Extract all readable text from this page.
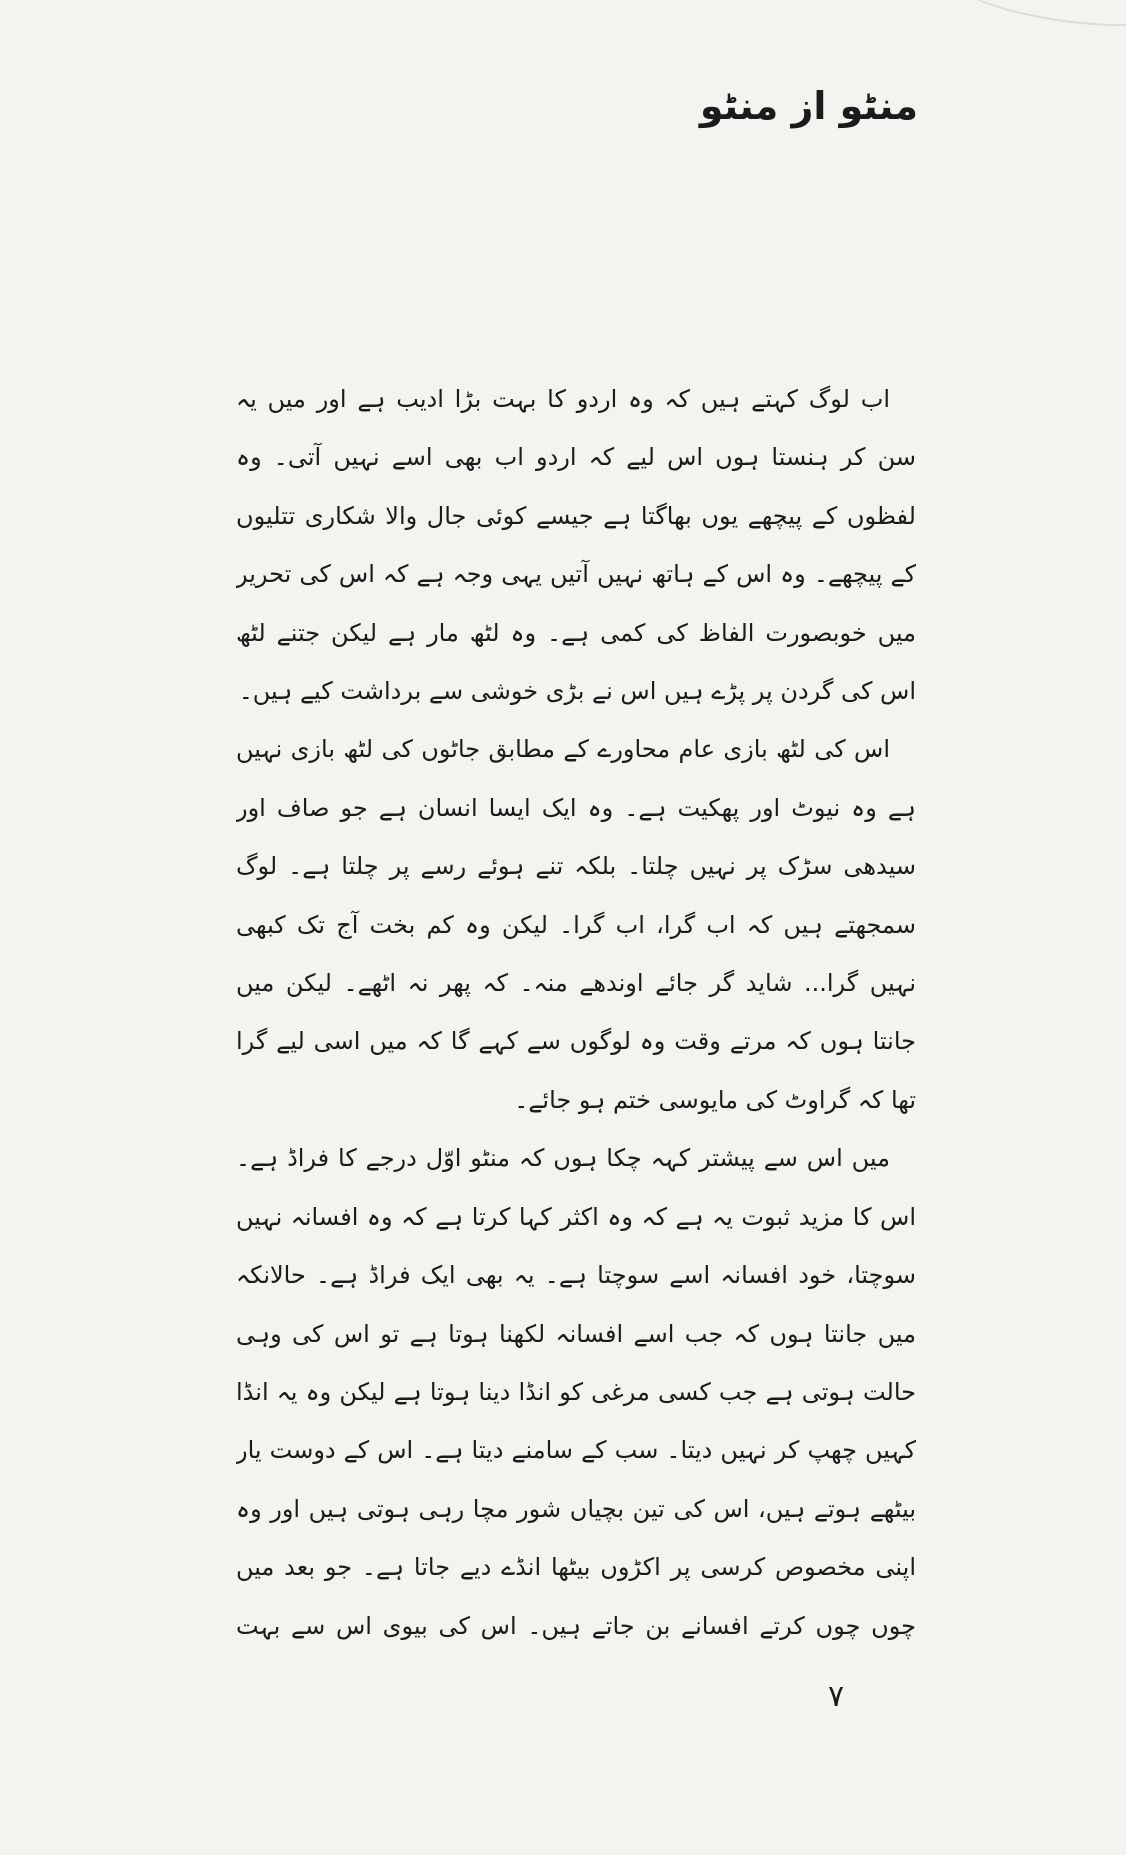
منٹو از منٹو

اب لوگ کہتے ہیں کہ وہ اردو کا بہت بڑا ادیب ہے اور میں یہ سن کر ہنستا ہوں اس لیے کہ اردو اب بھی اسے نہیں آتی۔ وہ لفظوں کے پیچھے یوں بھاگتا ہے جیسے کوئی جال والا شکاری تتلیوں کے پیچھے۔ وہ اس کے ہاتھ نہیں آتیں یہی وجہ ہے کہ اس کی تحریر میں خوبصورت الفاظ کی کمی ہے۔ وہ لٹھ مار ہے لیکن جتنے لٹھ اس کی گردن پر پڑے ہیں اس نے بڑی خوشی سے برداشت کیے ہیں۔

اس کی لٹھ بازی عام محاورے کے مطابق جاٹوں کی لٹھ بازی نہیں ہے وہ نیوٹ اور پھکیت ہے۔ وہ ایک ایسا انسان ہے جو صاف اور سیدھی سڑک پر نہیں چلتا۔ بلکہ تنے ہوئے رسے پر چلتا ہے۔ لوگ سمجھتے ہیں کہ اب گرا، اب گرا۔ لیکن وہ کم بخت آج تک کبھی نہیں گرا... شاید گر جائے اوندھے منہ۔ کہ پھر نہ اٹھے۔ لیکن میں جانتا ہوں کہ مرتے وقت وہ لوگوں سے کہے گا کہ میں اسی لیے گرا تھا کہ گراوٹ کی مایوسی ختم ہو جائے۔

میں اس سے پیشتر کہہ چکا ہوں کہ منٹو اوّل درجے کا فراڈ ہے۔ اس کا مزید ثبوت یہ ہے کہ وہ اکثر کہا کرتا ہے کہ وہ افسانہ نہیں سوچتا، خود افسانہ اسے سوچتا ہے۔ یہ بھی ایک فراڈ ہے۔ حالانکہ میں جانتا ہوں کہ جب اسے افسانہ لکھنا ہوتا ہے تو اس کی وہی حالت ہوتی ہے جب کسی مرغی کو انڈا دینا ہوتا ہے لیکن وہ یہ انڈا کہیں چھپ کر نہیں دیتا۔ سب کے سامنے دیتا ہے۔ اس کے دوست یار بیٹھے ہوتے ہیں، اس کی تین بچیاں شور مچا رہی ہوتی ہیں اور وہ اپنی مخصوص کرسی پر اکڑوں بیٹھا انڈے دیے جاتا ہے۔ جو بعد میں چوں چوں کرتے افسانے بن جاتے ہیں۔ اس کی بیوی اس سے بہت

۷
